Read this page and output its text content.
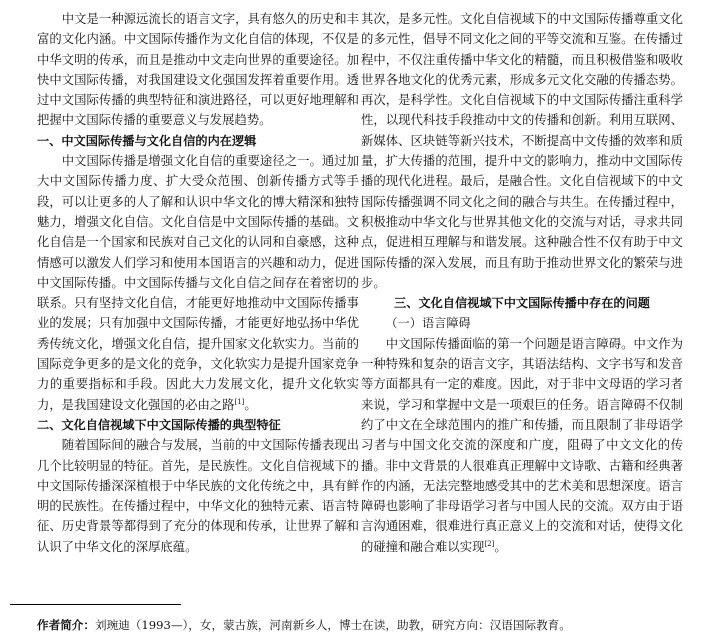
中文是一种源远流长的语言文字，具有悠久的历史和丰富的文化内涵。中文国际传播作为文化自信的体现，不仅是中华文明的传承，而且是推动中文走向世界的重要途径。加快中文国际传播，对我国建设文化强国发挥着重要作用。透过中文国际传播的典型特征和演进路径，可以更好地理解和把握中文国际传播的重要意义与发展趋势。

一、中文国际传播与文化自信的内在逻辑

中文国际传播是增强文化自信的重要途径之一。通过加大中文国际传播力度、扩大受众范围、创新传播方式等手段，可以让更多的人了解和认识中华文化的博大精深和独特魅力，增强文化自信。文化自信是中文国际传播的基础。文化自信是一个国家和民族对自己文化的认同和自豪感，这种情感可以激发人们学习和使用本国语言的兴趣和动力，促进中文国际传播。中文国际传播与文化自信之间存在着密切的联系。只有坚持文化自信，才能更好地推动中文国际传播事业的发展；只有加强中文国际传播，才能更好地弘扬中华优秀传统文化，增强文化自信，提升国家文化软实力。当前的国际竞争更多的是文化的竞争，文化软实力是提升国家竞争力的重要指标和手段。因此大力发展文化，提升文化软实力，是我国建设文化强国的必由之路[1]。

二、文化自信视域下中文国际传播的典型特征

随着国际间的融合与发展，当前的中文国际传播表现出几个比较明显的特征。首先，是民族性。文化自信视域下的中文国际传播深深植根于中华民族的文化传统之中，具有鲜明的民族性。在传播过程中，中华文化的独特元素、语言特征、历史背景等都得到了充分的体现和传承，让世界了解和认识了中华文化的深厚底蕴。

其次，是多元性。文化自信视域下的中文国际传播尊重文化的多元性，倡导不同文化之间的平等交流和互鉴。在传播过程中，不仅注重传播中华文化的精髓，而且积极借鉴和吸收世界各地文化的优秀元素，形成多元文化交融的传播态势。再次，是科学性。文化自信视域下的中文国际传播注重科学性，以现代科技手段推动中文的传播和创新。利用互联网、新媒体、区块链等新兴技术，不断提高中文传播的效率和质量，扩大传播的范围，提升中文的影响力，推动中文国际传播的现代化进程。最后，是融合性。文化自信视域下的中文国际传播强调不同文化之间的融合与共生。在传播过程中，积极推动中华文化与世界其他文化的交流与对话，寻求共同点，促进相互理解与和谐发展。这种融合性不仅有助于中文国际传播的深入发展，而且有助于推动世界文化的繁荣与进步。

三、文化自信视域下中文国际传播中存在的问题

（一）语言障碍

中文国际传播面临的第一个问题是语言障碍。中文作为一种特殊和复杂的语言文字，其语法结构、文字书写和发音等方面都具有一定的难度。因此，对于非中文母语的学习者来说，学习和掌握中文是一项艰巨的任务。语言障碍不仅制约了中文在全球范围内的推广和传播，而且限制了非母语学习者与中国文化交流的深度和广度，阻碍了中文文化的传播。非中文背景的人很难真正理解中文诗歌、古籍和经典著作的内涵，无法完整地感受其中的艺术美和思想深度。语言障碍也影响了非母语学习者与中国人民的交流。双方由于语言沟通困难，很难进行真正意义上的交流和对话，使得文化的碰撞和融合难以实现[2]。

作者简介：刘琬迪（1993—），女，蒙古族，河南新乡人，博士在读，助教，研究方向：汉语国际教育。
